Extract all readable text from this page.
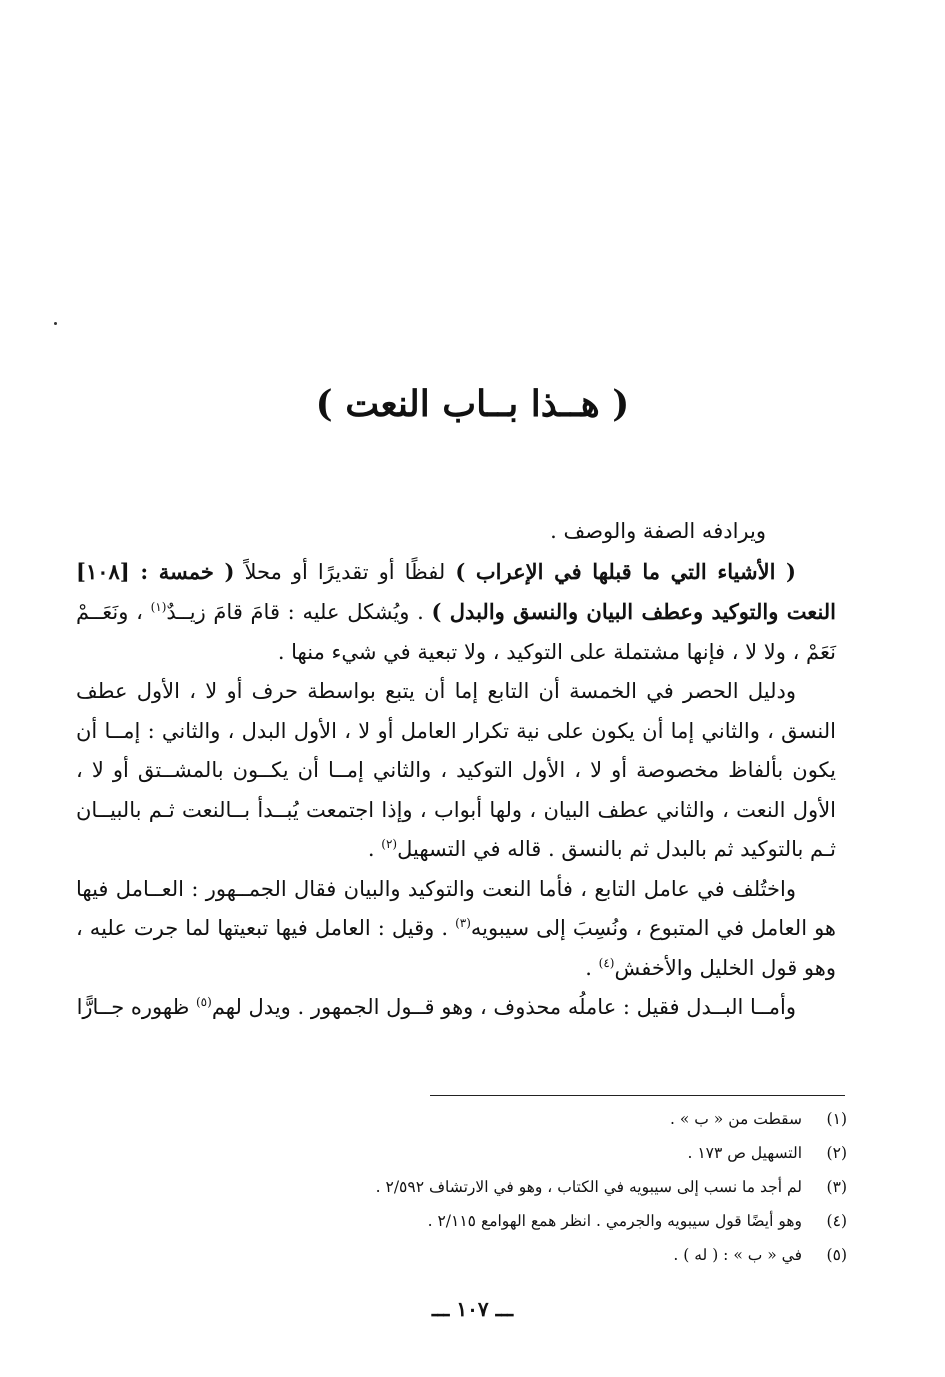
( هــذا بــاب النعت )

ويرادفه الصفة والوصف .

( الأشياء التي ما قبلها في الإعراب ) لفظًا أو تقديرًا أو محلاً ( خمسة : [١٠٨] النعت والتوكيد وعطف البيان والنسق والبدل ) . ويُشكل عليه : قامَ قامَ زيــدٌ$^{(١)}$ ، ونَعَــمْ نَعَمْ ، ولا لا ، فإنها مشتملة على التوكيد ، ولا تبعية في شيء منها .

ودليل الحصر في الخمسة أن التابع إما أن يتبع بواسطة حرف أو لا ، الأول عطف النسق ، والثاني إما أن يكون على نية تكرار العامل أو لا ، الأول البدل ، والثاني : إمــا أن يكون بألفاظ مخصوصة أو لا ، الأول التوكيد ، والثاني إمــا أن يكــون بالمشــتق أو لا ، الأول النعت ، والثاني عطف البيان ، ولها أبواب ، وإذا اجتمعت يُبــدأ بــالنعت ثـم بالبيــان ثـم بالتوكيد ثم بالبدل ثم بالنسق . قاله في التسهيل$^{(٢)}$ .

واختُلف في عامل التابع ، فأما النعت والتوكيد والبيان فقال الجمــهور : العــامل فيها هو العامل في المتبوع ، ونُسِبَ إلى سيبويه$^{(٣)}$ . وقيل : العامل فيها تبعيتها لما جرت عليه ، وهو قول الخليل والأخفش$^{(٤)}$ .

وأمــا البــدل فقيل : عاملُه محذوف ، وهو قــول الجمهور . ويدل لهم$^{(٥)}$ ظهوره جــارًّا

(١)
سقطت من « ب » .
(٢)
التسهيل ص ١٧٣ .
(٣)
لم أجد ما نسب إلى سيبويه في الكتاب ، وهو في الارتشاف ٢/٥٩٢ .
(٤)
وهو أيضًا قول سيبويه والجرمي . انظر همع الهوامع ٢/١١٥ .
(٥)
في « ب » : ( له ) .
ـــ ١٠٧ ـــ
